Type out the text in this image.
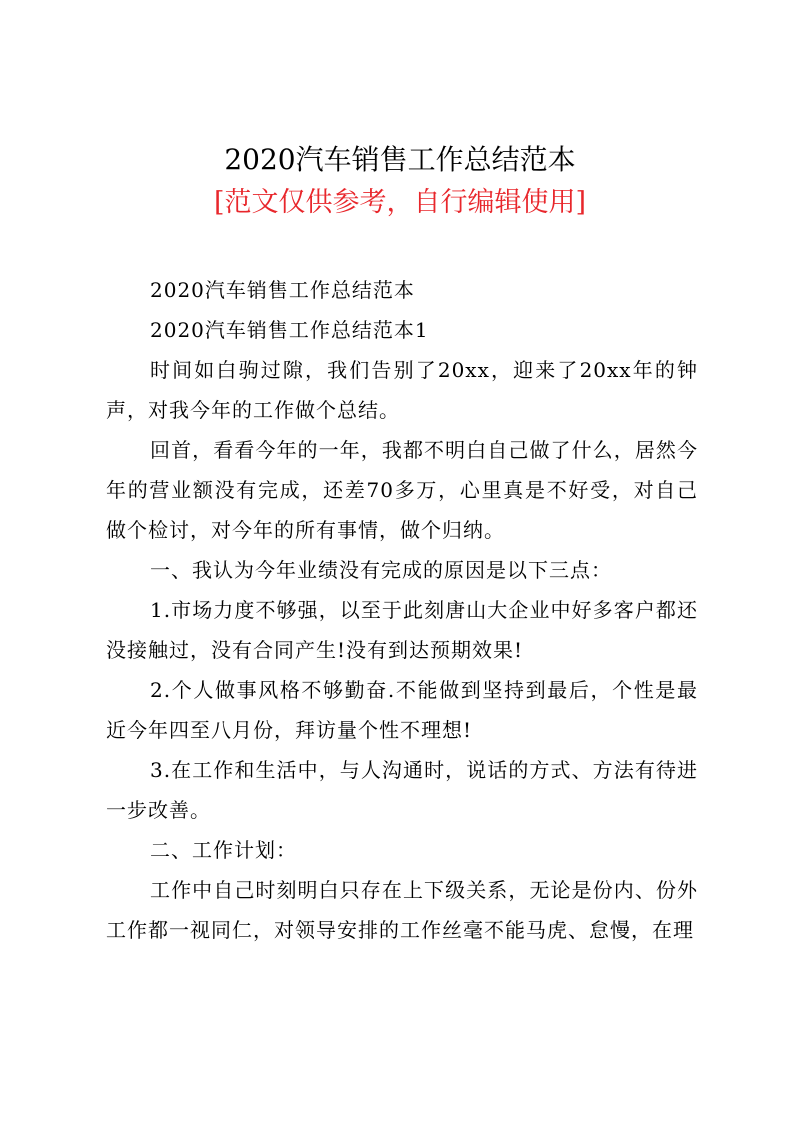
2020汽车销售工作总结范本
[范文仅供参考，自行编辑使用]

2020汽车销售工作总结范本

2020汽车销售工作总结范本1

时间如白驹过隙，我们告别了20xx，迎来了20xx年的钟声，对我今年的工作做个总结。

回首，看看今年的一年，我都不明白自己做了什么，居然今年的营业额没有完成，还差70多万，心里真是不好受，对自己做个检讨，对今年的所有事情，做个归纳。

一、我认为今年业绩没有完成的原因是以下三点：

1.市场力度不够强，以至于此刻唐山大企业中好多客户都还没接触过，没有合同产生!没有到达预期效果!

2.个人做事风格不够勤奋.不能做到坚持到最后，个性是最近今年四至八月份，拜访量个性不理想!

3.在工作和生活中，与人沟通时，说话的方式、方法有待进一步改善。

二、工作计划：

工作中自己时刻明白只存在上下级关系，无论是份内、份外工作都一视同仁，对领导安排的工作丝毫不能马虎、怠慢，在理
